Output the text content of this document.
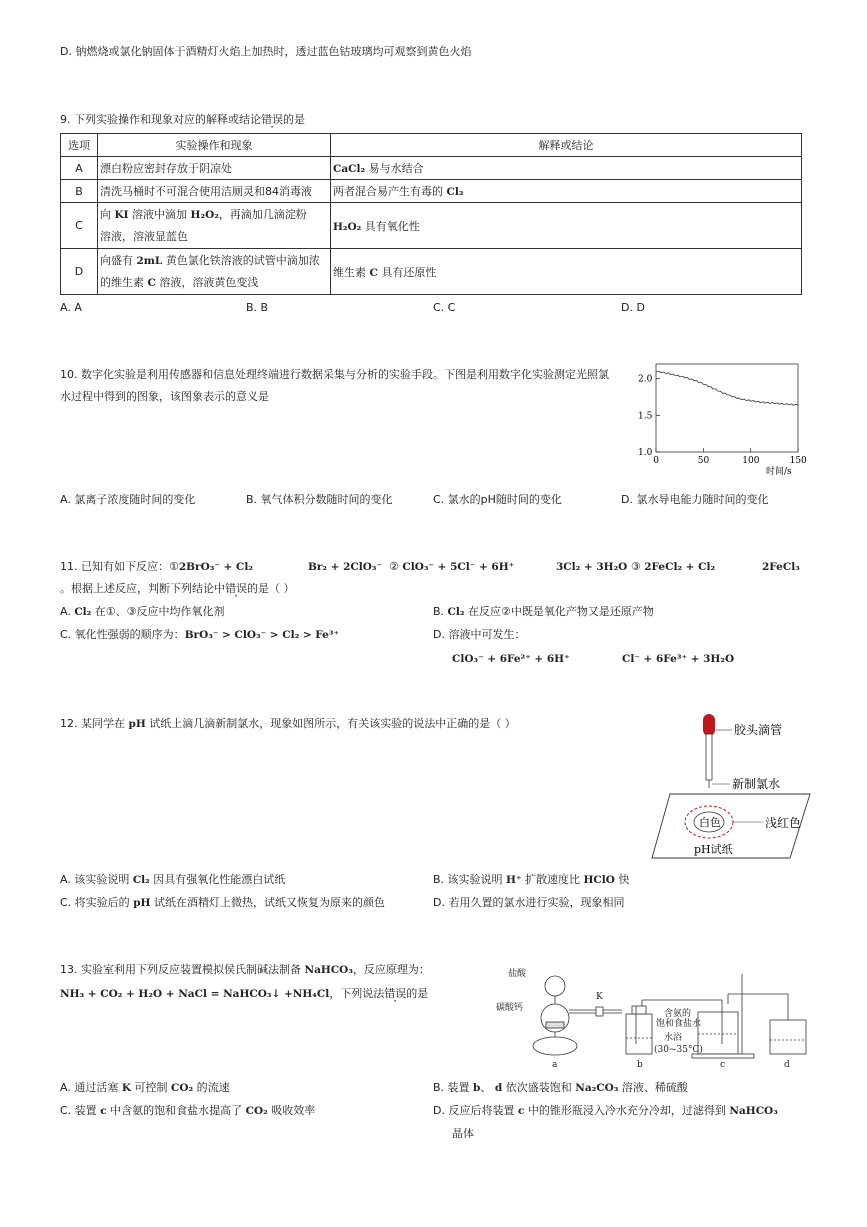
D. 钠燃烧或氯化钠固体于酒精灯火焰上加热时，透过蓝色钴玻璃均可观察到黄色火焰
9. 下列实验操作和现象对应的解释或结论错误的是
选项	实验操作和现象	解释或结论
A	漂白粉应密封存放于阴凉处	CaCl₂ 易与水结合
B	清洗马桶时不可混合使用洁厕灵和84消毒液	两者混合易产生有毒的 Cl₂
C	向 KI 溶液中滴加 H₂O₂，再滴加几滴淀粉
溶液，溶液显蓝色	H₂O₂ 具有氧化性
D	向盛有 2mL 黄色氯化铁溶液的试管中滴加浓
的维生素 C 溶液，溶液黄色变浅	维生素 C 具有还原性
A. A	B. B	C. C	D. D
10. 数字化实验是利用传感器和信息处理终端进行数据采集与分析的实验手段。下图是利用数字化实验测定光照氯
水过程中得到的图象，该图象表示的意义是
1.0
1.5
2.0
0	50	100	150
时间/s
A. 氯离子浓度随时间的变化	B. 氧气体积分数随时间的变化	C. 氯水的pH随时间的变化	D. 氯水导电能力随时间的变化
11. 已知有如下反应：①2BrO₃⁻ + Cl₂	Br₂ + 2ClO₃⁻ ② ClO₃⁻ + 5Cl⁻ + 6H⁺	3Cl₂ + 3H₂O ③ 2FeCl₂ + Cl₂	2FeCl₃
。根据上述反应，判断下列结论中错误的是（ ）
A. Cl₂ 在①、③反应中均作氧化剂	B. Cl₂ 在反应②中既是氧化产物又是还原产物
C. 氧化性强弱的顺序为：BrO₃⁻ > ClO₃⁻ > Cl₂ > Fe³⁺	D. 溶液中可发生：
ClO₃⁻ + 6Fe²⁺ + 6H⁺	Cl⁻ + 6Fe³⁺ + 3H₂O
12. 某同学在 pH 试纸上滴几滴新制氯水，现象如图所示，有关该实验的说法中正确的是（ ）	胶头滴管
新制氯水
白色	浅红色
pH试纸
A. 该实验说明 Cl₂ 因具有强氧化性能漂白试纸	B. 该实验说明 H⁺ 扩散速度比 HClO 快
C. 将实验后的 pH 试纸在酒精灯上微热，试纸又恢复为原来的颜色	D. 若用久置的氯水进行实验，现象相同
13. 实验室利用下列反应装置模拟侯氏制碱法制备 NaHCO₃，反应原理为：
NH₃ + CO₂ + H₂O + NaCl = NaHCO₃↓ +NH₄Cl，下列说法错误的是
盐酸
K
碳酸钙
含氨的
饱和食盐水
水浴
(30~35°C)
a	b	c	d
A. 通过活塞 K 可控制 CO₂ 的流速	B. 装置 b、 d 依次盛装饱和 Na₂CO₃ 溶液、稀硫酸
C. 装置 c 中含氨的饱和食盐水提高了 CO₂ 吸收效率	D. 反应后将装置 c 中的锥形瓶浸入冷水充分冷却，过滤得到 NaHCO₃
晶体
